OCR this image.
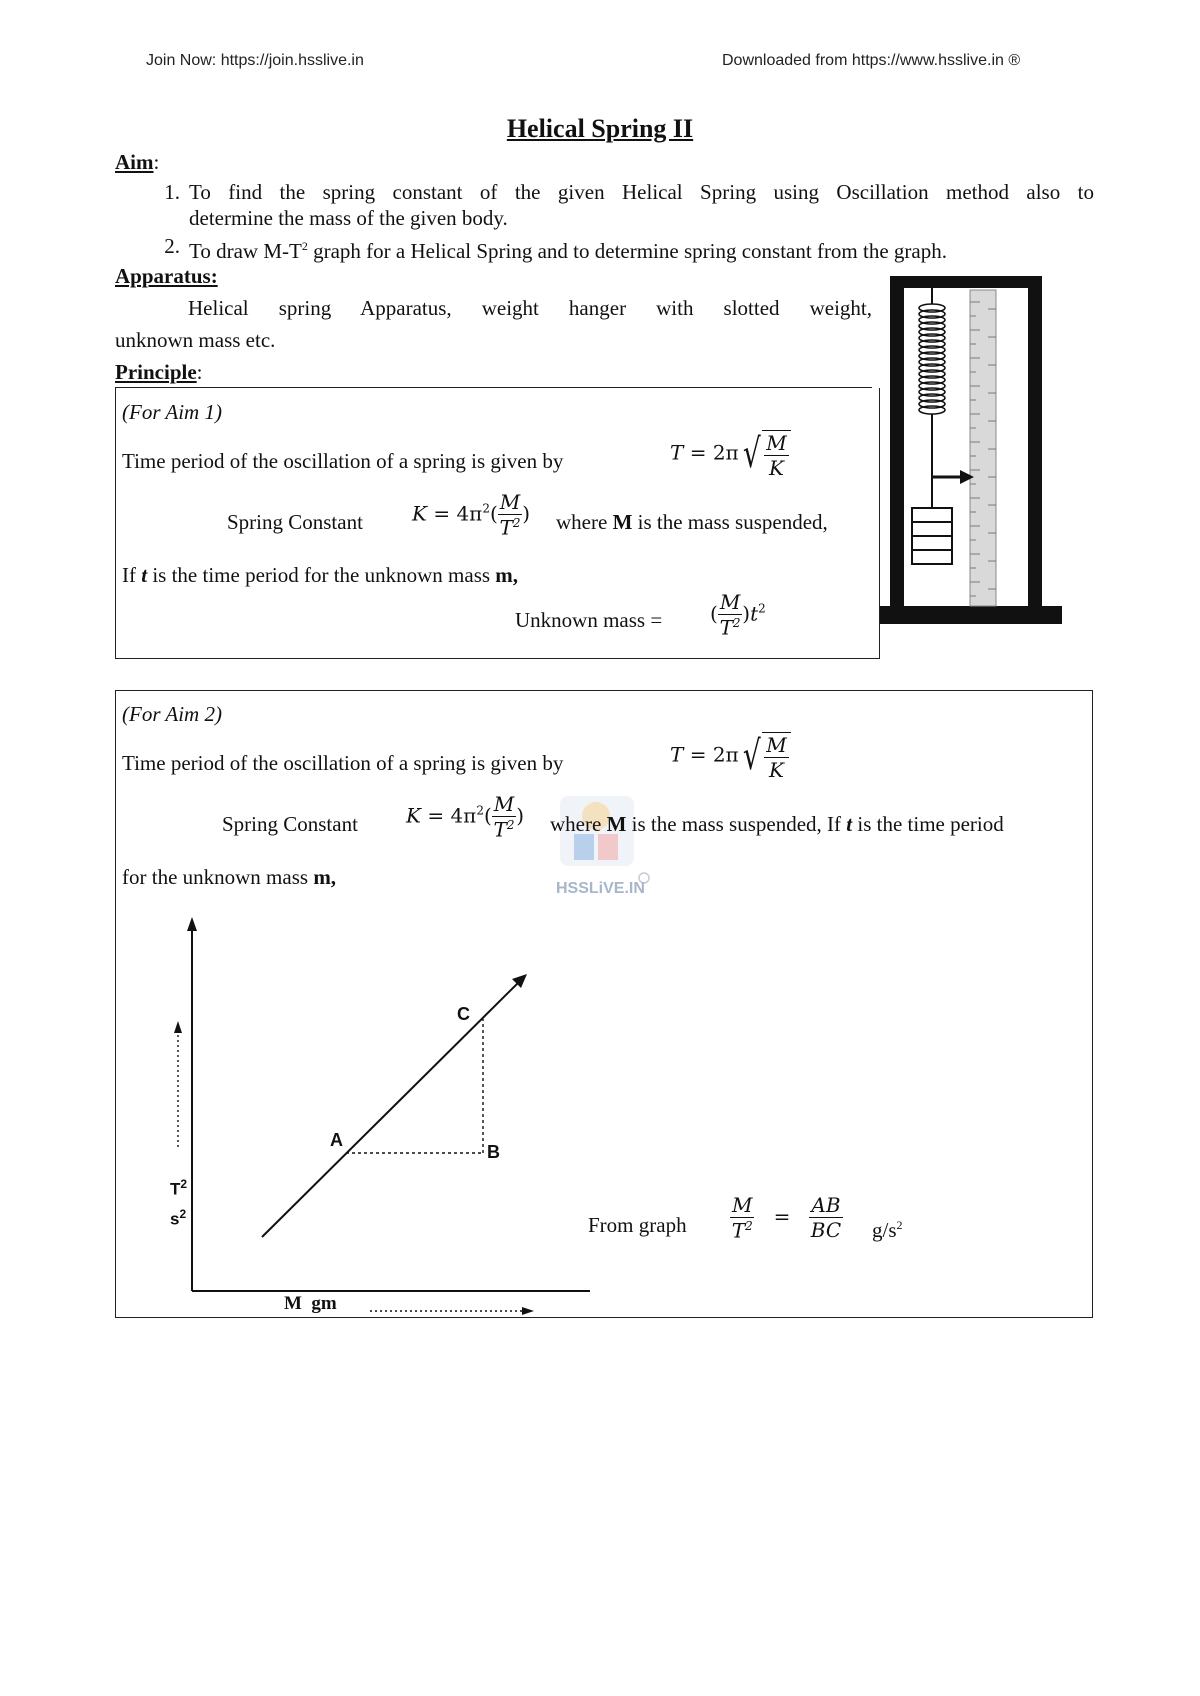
Join Now: https://join.hsslive.in	Downloaded from https://www.hsslive.in ®
Helical Spring II
Aim:
1. To find the spring constant of the given Helical Spring using Oscillation method also to
determine the mass of the given body.
2. To draw $M-T^2$ graph for a Helical Spring and to determine spring constant from the graph.
Apparatus:
Helical spring Apparatus, weight hanger with slotted weight,
unknown mass etc.
Principle:
(For Aim 1)
Time period of the oscillation of a spring is given by	T = 2π √ $\frac{M}{K}$
Spring Constant $K = 4\pi^2( \frac{M}{T^2}$ ) where M is the mass suspended,
If t is the time period for the unknown mass m,
Unknown mass = ( $\frac{M}{T^2} )t^2$
(For Aim 2)
Time period of the oscillation of a spring is given by	T = 2π √ $\frac{M}{K}$
HSSLiVE.IN
Spring Constant $K = 4\pi^2( \frac{M}{T^2}$ ) where M is the mass suspended, If t is the time period
for the unknown mass m,
A
B
C
$T^2$
$s^2$
M  gm
From graph $\frac{M}{T^2} = \frac{AB}{BC} g/s^2$
